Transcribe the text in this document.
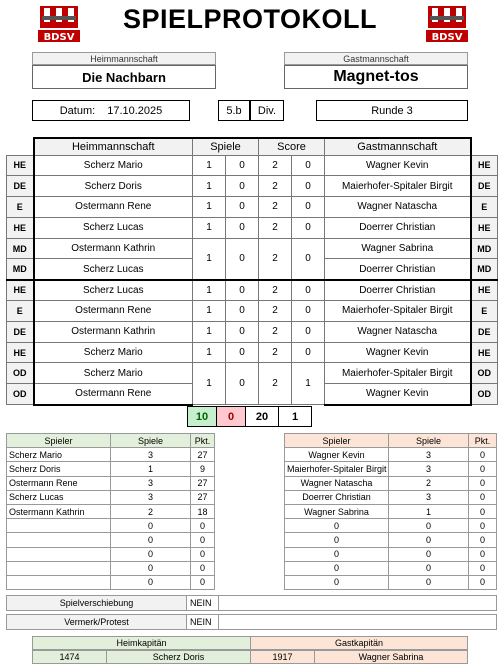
BDSV	BDSV
SPIELPROTOKOLL
Heimmannschaft
Die Nachbarn
Gastmannschaft
Magnet-tos
Datum: 17.10.2025	5.b	Div.	Runde 3
	Heimmannschaft	Spiele		Score		Gastmannschaft	
HE	Scherz Mario	1	0	2	0	Wagner Kevin	HE
DE	Scherz Doris	1	0	2	0	Maierhofer-Spitaler Birgit	DE
E	Ostermann Rene	1	0	2	0	Wagner Natascha	E
HE	Scherz Lucas	1	0	2	0	Doerrer Christian	HE
MD	Ostermann Kathrin	1	0	2	0	Wagner Sabrina	MD
MD	Scherz Lucas					Doerrer Christian	MD
HE	Scherz Lucas	1	0	2	0	Doerrer Christian	HE
E	Ostermann Rene	1	0	2	0	Maierhofer-Spitaler Birgit	E
DE	Ostermann Kathrin	1	0	2	0	Wagner Natascha	DE
HE	Scherz Mario	1	0	2	0	Wagner Kevin	HE
OD	Scherz Mario	1	0	2	1	Maierhofer-Spitaler Birgit	OD
OD	Ostermann Rene					Wagner Kevin	OD
10	0	20	1
Spieler	Spiele	Pkt.
Scherz Mario	3	27
Scherz Doris	1	9
Ostermann Rene	3	27
Scherz Lucas	3	27
Ostermann Kathrin	2	18
	0	0
	0	0
	0	0
	0	0
	0	0
Spieler	Spiele	Pkt.
Wagner Kevin	3	0
Maierhofer-Spitaler Birgit	3	0
Wagner Natascha	2	0
Doerrer Christian	3	0
Wagner Sabrina	1	0
0	0	0
0	0	0
0	0	0
0	0	0
0	0	0
Spielverschiebung	NEIN
Vermerk/Protest	NEIN
Heimkapitän	Gastkapitän
1474	Scherz Doris	1917	Wagner Sabrina
